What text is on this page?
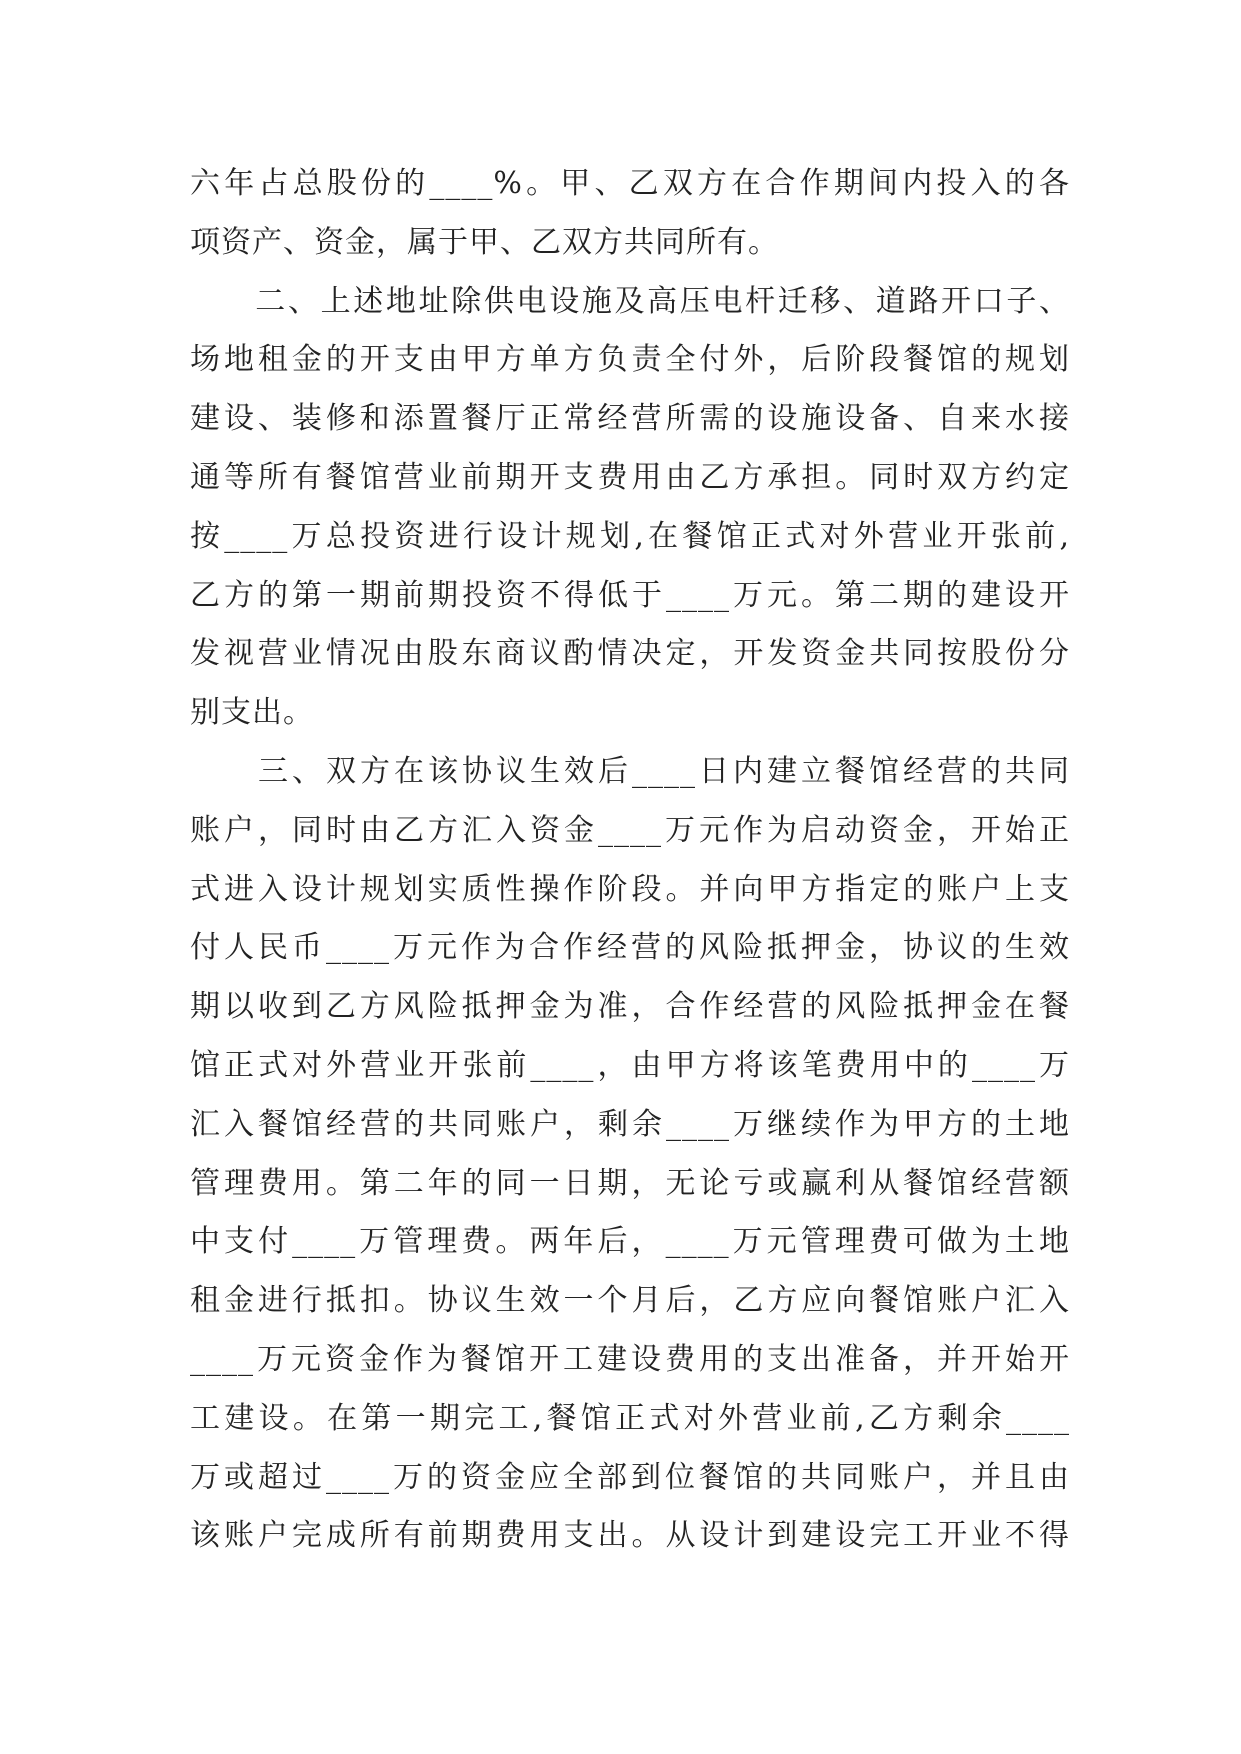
六年占总股份的____%。甲、乙双方在合作期间内投入的各
项资产、资金，属于甲、乙双方共同所有。
　　二、上述地址除供电设施及高压电杆迁移、道路开口子、
场地租金的开支由甲方单方负责全付外，后阶段餐馆的规划
建设、装修和添置餐厅正常经营所需的设施设备、自来水接
通等所有餐馆营业前期开支费用由乙方承担。同时双方约定
按____万总投资进行设计规划,在餐馆正式对外营业开张前,
乙方的第一期前期投资不得低于____万元。第二期的建设开
发视营业情况由股东商议酌情决定，开发资金共同按股份分
别支出。
　　三、双方在该协议生效后____日内建立餐馆经营的共同
账户，同时由乙方汇入资金____万元作为启动资金，开始正
式进入设计规划实质性操作阶段。并向甲方指定的账户上支
付人民币____万元作为合作经营的风险抵押金，协议的生效
期以收到乙方风险抵押金为准，合作经营的风险抵押金在餐
馆正式对外营业开张前____，由甲方将该笔费用中的____万
汇入餐馆经营的共同账户，剩余____万继续作为甲方的土地
管理费用。第二年的同一日期，无论亏或赢利从餐馆经营额
中支付____万管理费。两年后，____万元管理费可做为土地
租金进行抵扣。协议生效一个月后，乙方应向餐馆账户汇入
____万元资金作为餐馆开工建设费用的支出准备，并开始开
工建设。在第一期完工,餐馆正式对外营业前,乙方剩余____
万或超过____万的资金应全部到位餐馆的共同账户，并且由
该账户完成所有前期费用支出。从设计到建设完工开业不得
